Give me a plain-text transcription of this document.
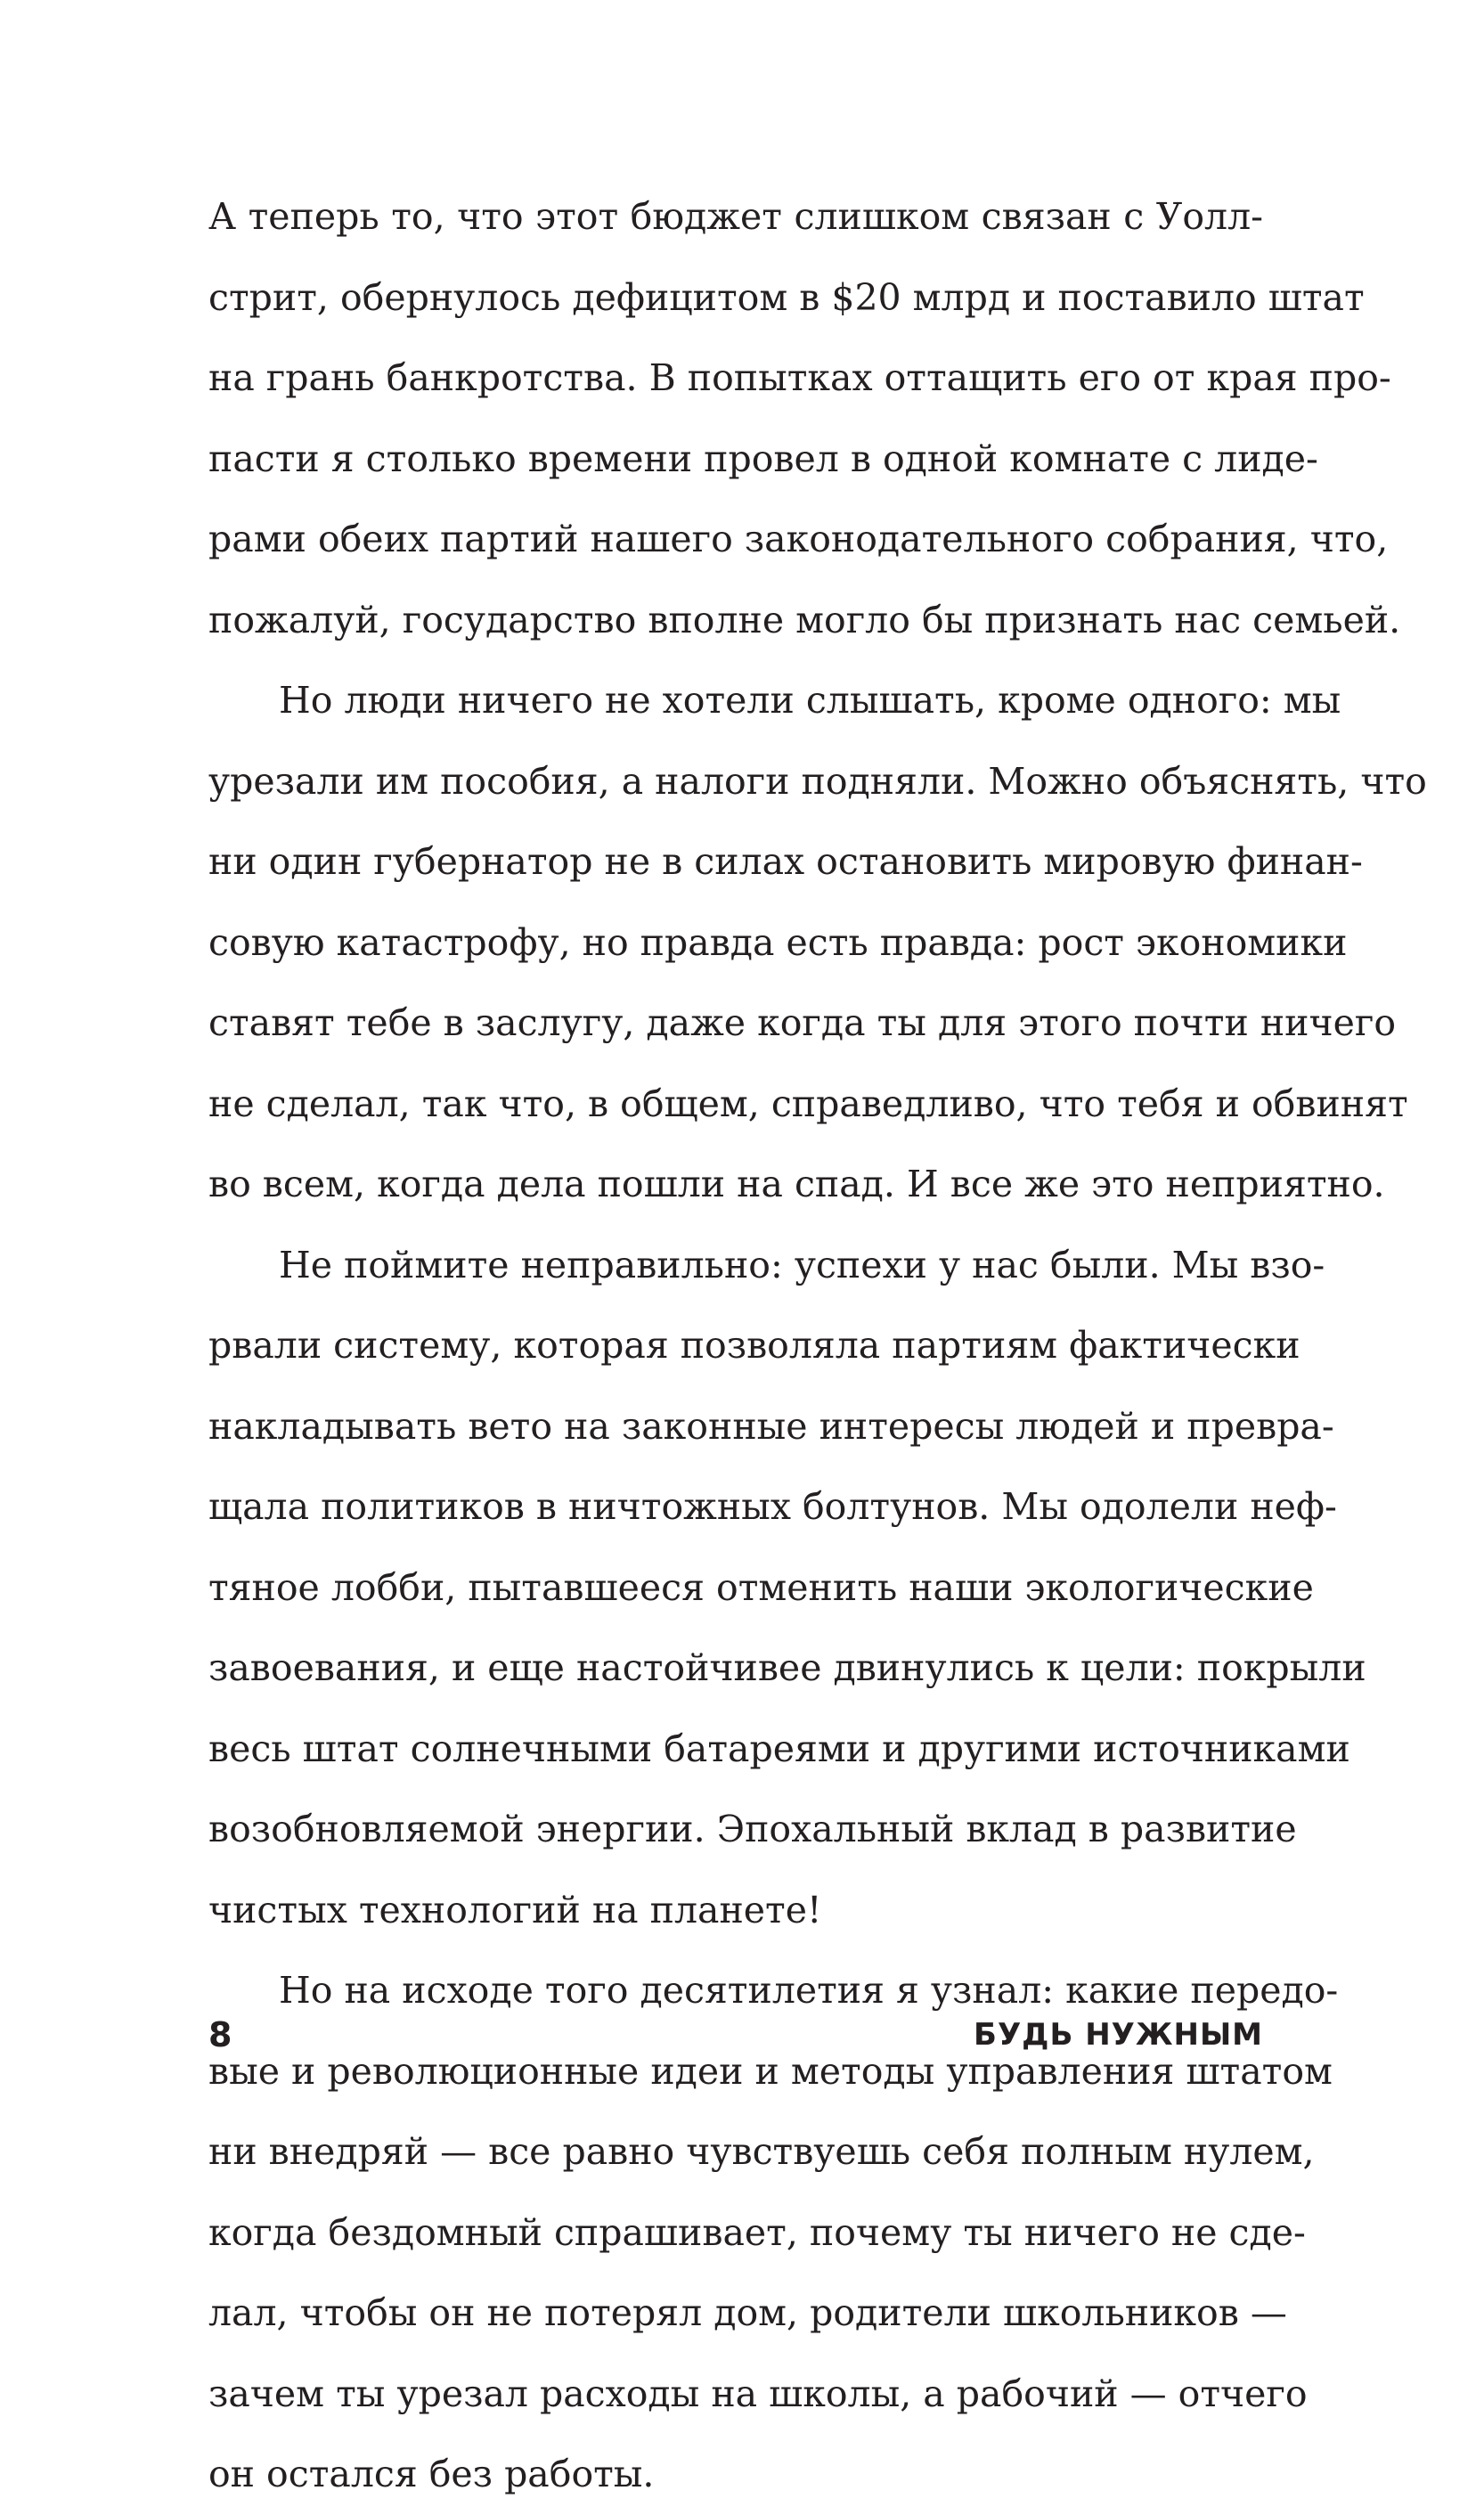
А теперь то, что этот бюджет слишком связан с Уолл-
стрит, обернулось дефицитом в $20 млрд и поставило штат
на грань банкротства. В попытках оттащить его от края про-
пасти я столько времени провел в одной комнате с лиде-
рами обеих партий нашего законодательного собрания, что,
пожалуй, государство вполне могло бы признать нас семьей.
Но люди ничего не хотели слышать, кроме одного: мы
урезали им пособия, а налоги подняли. Можно объяснять, что
ни один губернатор не в силах остановить мировую финан-
совую катастрофу, но правда есть правда: рост экономики
ставят тебе в заслугу, даже когда ты для этого почти ничего
не сделал, так что, в общем, справедливо, что тебя и обвинят
во всем, когда дела пошли на спад. И все же это неприятно.
Не поймите неправильно: успехи у нас были. Мы взо-
рвали систему, которая позволяла партиям фактически
накладывать вето на законные интересы людей и превра-
щала политиков в ничтожных болтунов. Мы одолели неф-
тяное лобби, пытавшееся отменить наши экологические
завоевания, и еще настойчивее двинулись к цели: покрыли
весь штат солнечными батареями и другими источниками
возобновляемой энергии. Эпохальный вклад в развитие
чистых технологий на планете!
Но на исходе того десятилетия я узнал: какие передо-
вые и революционные идеи и методы управления штатом
ни внедряй — все равно чувствуешь себя полным нулем,
когда бездомный спрашивает, почему ты ничего не сде-
лал, чтобы он не потерял дом, родители школьников —
зачем ты урезал расходы на школы, а рабочий — отчего
он остался без работы.
8	БУДЬ НУЖНЫМ
